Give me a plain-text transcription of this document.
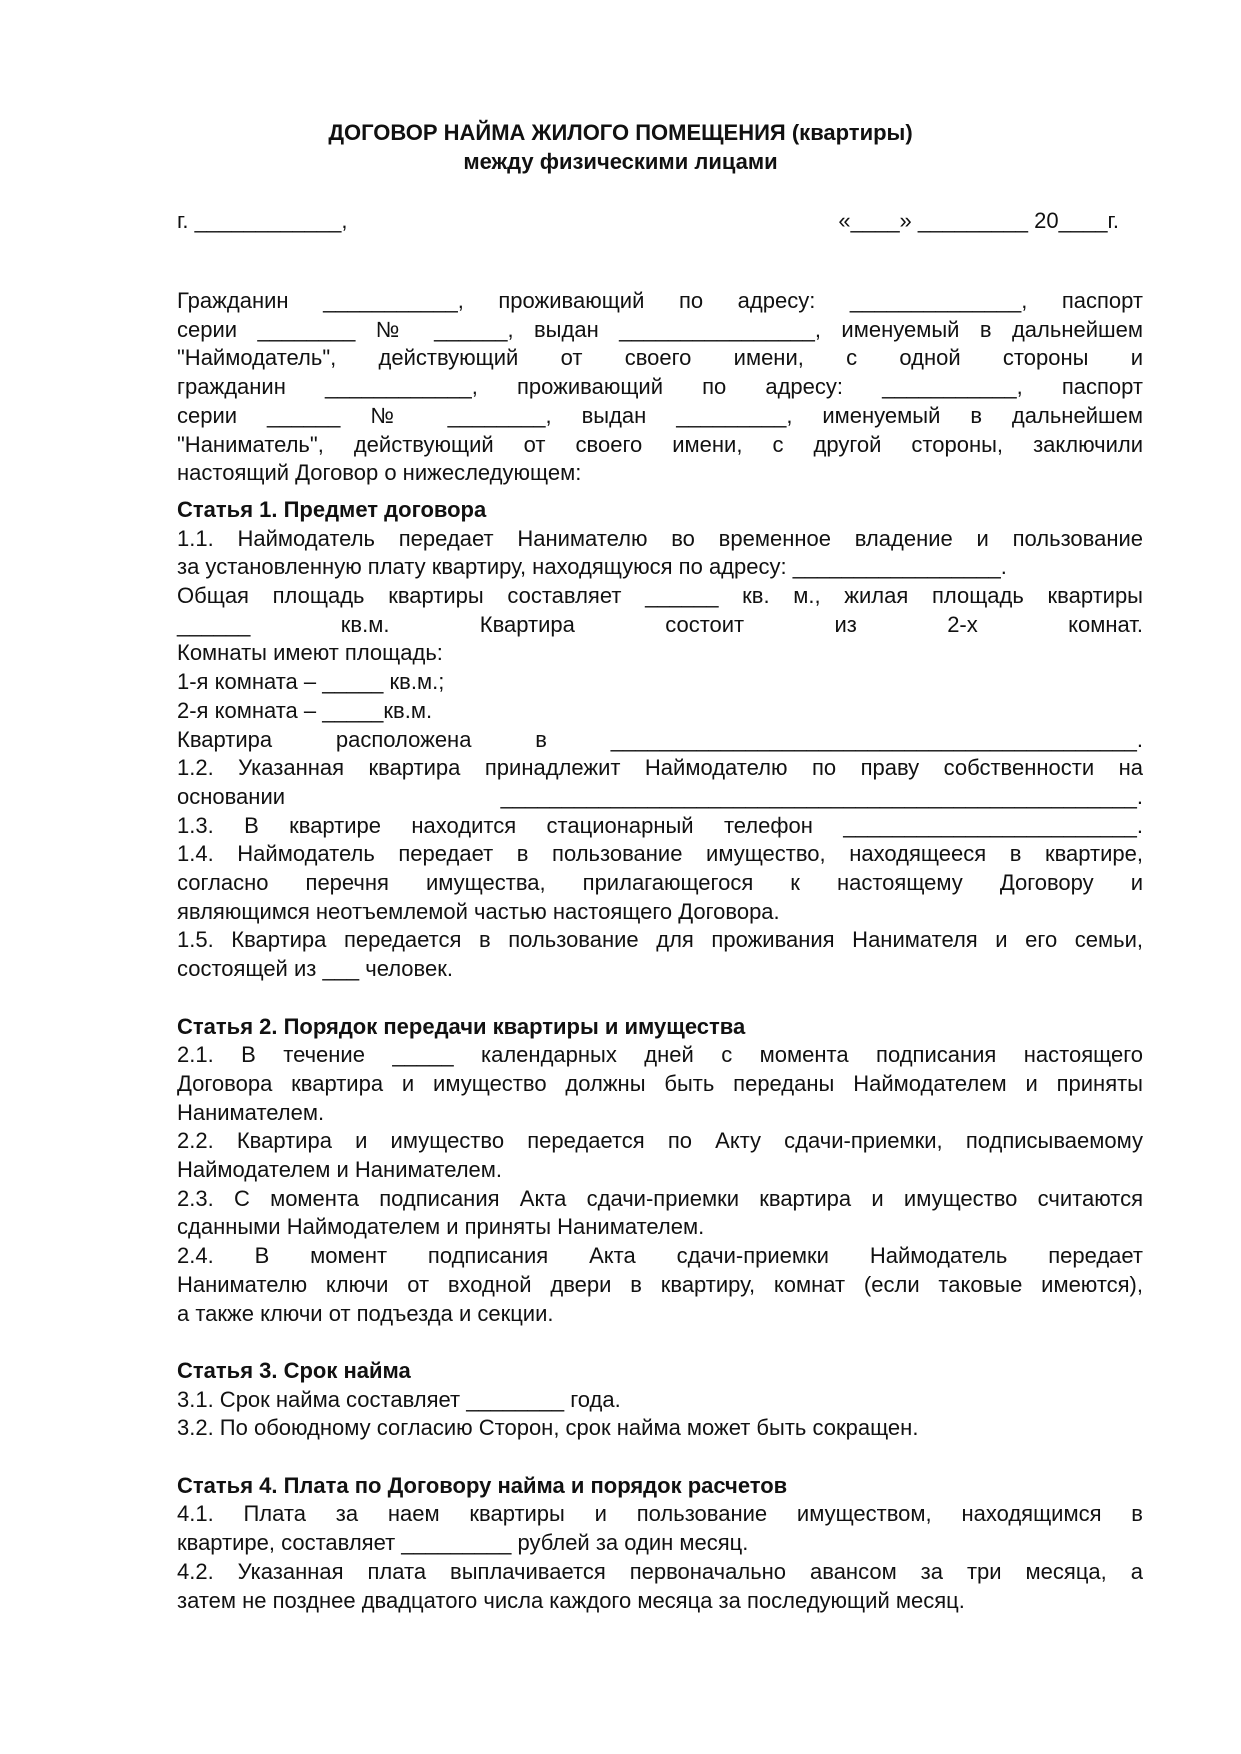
ДОГОВОР НАЙМА ЖИЛОГО ПОМЕЩЕНИЯ (квартиры)
между физическими лицами
г. ____________,	«____» _________ 20____г.
Гражданин ___________, проживающий по адресу: ______________, паспорт
серии ________ № ______, выдан ________________, именуемый в дальнейшем
"Наймодатель", действующий от своего имени, с одной стороны и
гражданин ____________, проживающий по адресу: ___________, паспорт
серии ______ № ________, выдан _________, именуемый в дальнейшем
"Наниматель", действующий от своего имени, с другой стороны, заключили
настоящий Договор о нижеследующем:
Статья 1. Предмет договора
1.1. Наймодатель передает Нанимателю во временное владение и пользование
за установленную плату квартиру, находящуюся по адресу: _________________.
Общая площадь квартиры составляет ______ кв. м., жилая площадь квартиры
______ кв.м. Квартира состоит из 2-х комнат.
Комнаты имеют площадь:
1-я комната – _____ кв.м.;
2-я комната – _____кв.м.
Квартира расположена в ___________________________________________.
1.2. Указанная квартира принадлежит Наймодателю по праву собственности на
основании ____________________________________________________.
1.3. В квартире находится стационарный телефон ________________________.
1.4. Наймодатель передает в пользование имущество, находящееся в квартире,
согласно перечня имущества, прилагающегося к настоящему Договору и
являющимся неотъемлемой частью настоящего Договора.
1.5. Квартира передается в пользование для проживания Нанимателя и его семьи,
состоящей из ___ человек.
Статья 2. Порядок передачи квартиры и имущества
2.1. В течение _____ календарных дней с момента подписания настоящего
Договора квартира и имущество должны быть переданы Наймодателем и приняты
Нанимателем.
2.2. Квартира и имущество передается по Акту сдачи-приемки, подписываемому
Наймодателем и Нанимателем.
2.3. С момента подписания Акта сдачи-приемки квартира и имущество считаются
сданными Наймодателем и приняты Нанимателем.
2.4. В момент подписания Акта сдачи-приемки Наймодатель передает
Нанимателю ключи от входной двери в квартиру, комнат (если таковые имеются),
а также ключи от подъезда и секции.
Статья 3. Срок найма
3.1. Срок найма составляет ________ года.
3.2. По обоюдному согласию Сторон, срок найма может быть сокращен.
Статья 4. Плата по Договору найма и порядок расчетов
4.1. Плата за наем квартиры и пользование имуществом, находящимся в
квартире, составляет _________ рублей за один месяц.
4.2. Указанная плата выплачивается первоначально авансом за три месяца, а
затем не позднее двадцатого числа каждого месяца за последующий месяц.
